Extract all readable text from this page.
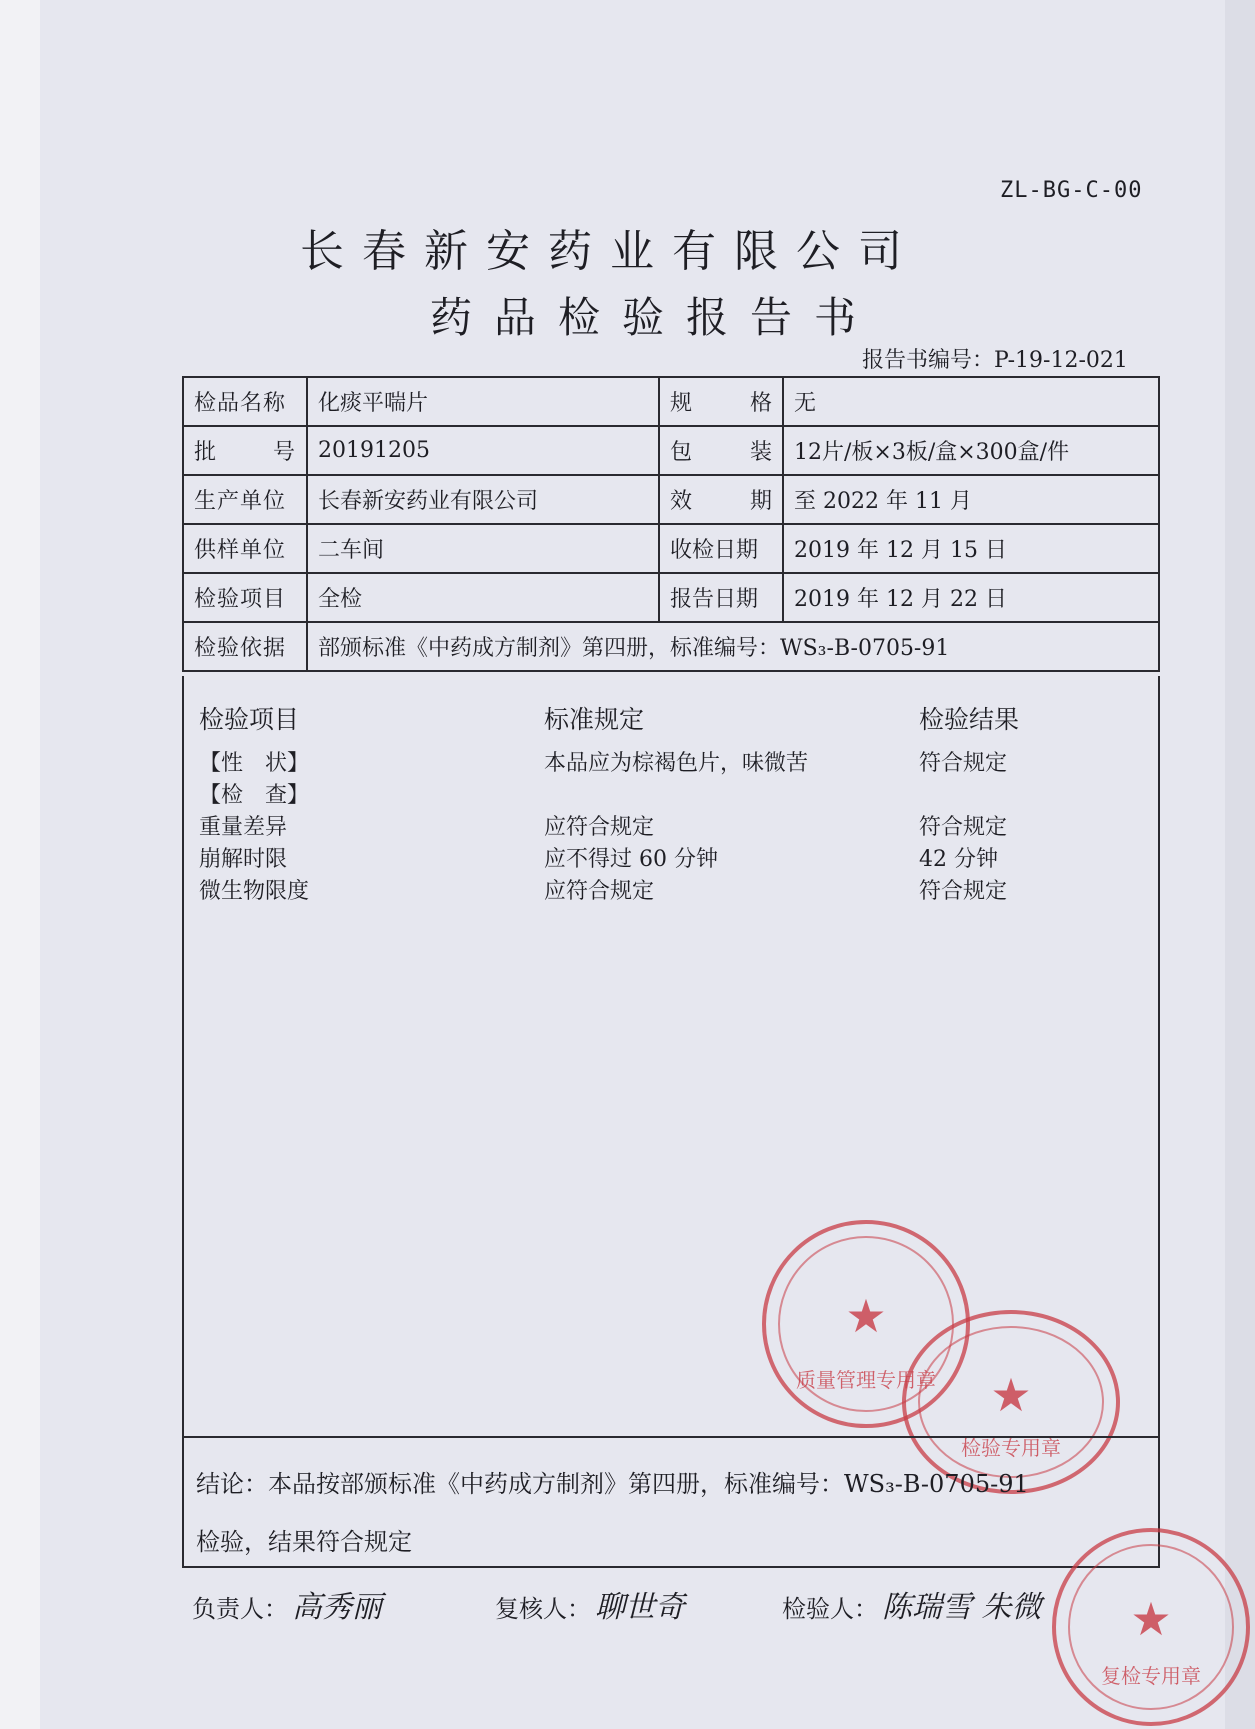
ZL-BG-C-00
长春新安药业有限公司
药品检验报告书
报告书编号：P-19-12-021
检品名称	化痰平喘片	规 格	无

批 号	20191205	包 装	12片/板×3板/盒×300盒/件
生产单位	长春新安药业有限公司	效 期	至 2022 年 11 月
供样单位	二车间	收检日期	2019 年 12 月 15 日
检验项目	全检	报告日期	2019 年 12 月 22 日
检验依据	部颁标准《中药成方制剂》第四册，标准编号：WS₃-B-0705-91		
检验项目	标准规定	检验结果
【性　状】	本品应为棕褐色片，味微苦	符合规定
【检　查】
重量差异	应符合规定	符合规定
崩解时限	应不得过 60 分钟	42 分钟
微生物限度	应符合规定	符合规定
★
质量管理专用章	★
检验专用章
结论：本品按部颁标准《中药成方制剂》第四册，标准编号：WS₃-B-0705-91
检验，结果符合规定
★
复检专用章
负责人： 高秀丽	复核人： 聊世奇	检验人： 陈瑞雪 朱微
